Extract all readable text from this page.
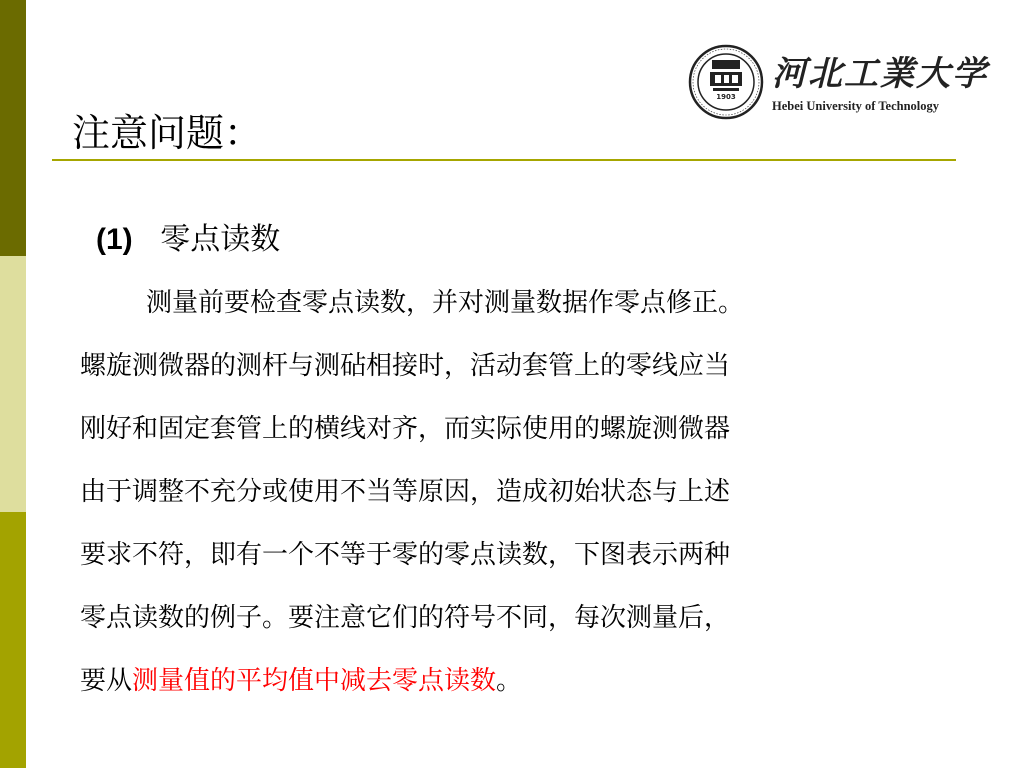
1903
河北工業大学
Hebei University of Technology
注意问题：
(1) 零点读数
测量前要检查零点读数，并对测量数据作零点修正。
螺旋测微器的测杆与测砧相接时，活动套管上的零线应当
刚好和固定套管上的横线对齐，而实际使用的螺旋测微器
由于调整不充分或使用不当等原因，造成初始状态与上述
要求不符，即有一个不等于零的零点读数，下图表示两种
零点读数的例子。要注意它们的符号不同，每次测量后，
要从测量值的平均值中减去零点读数。
